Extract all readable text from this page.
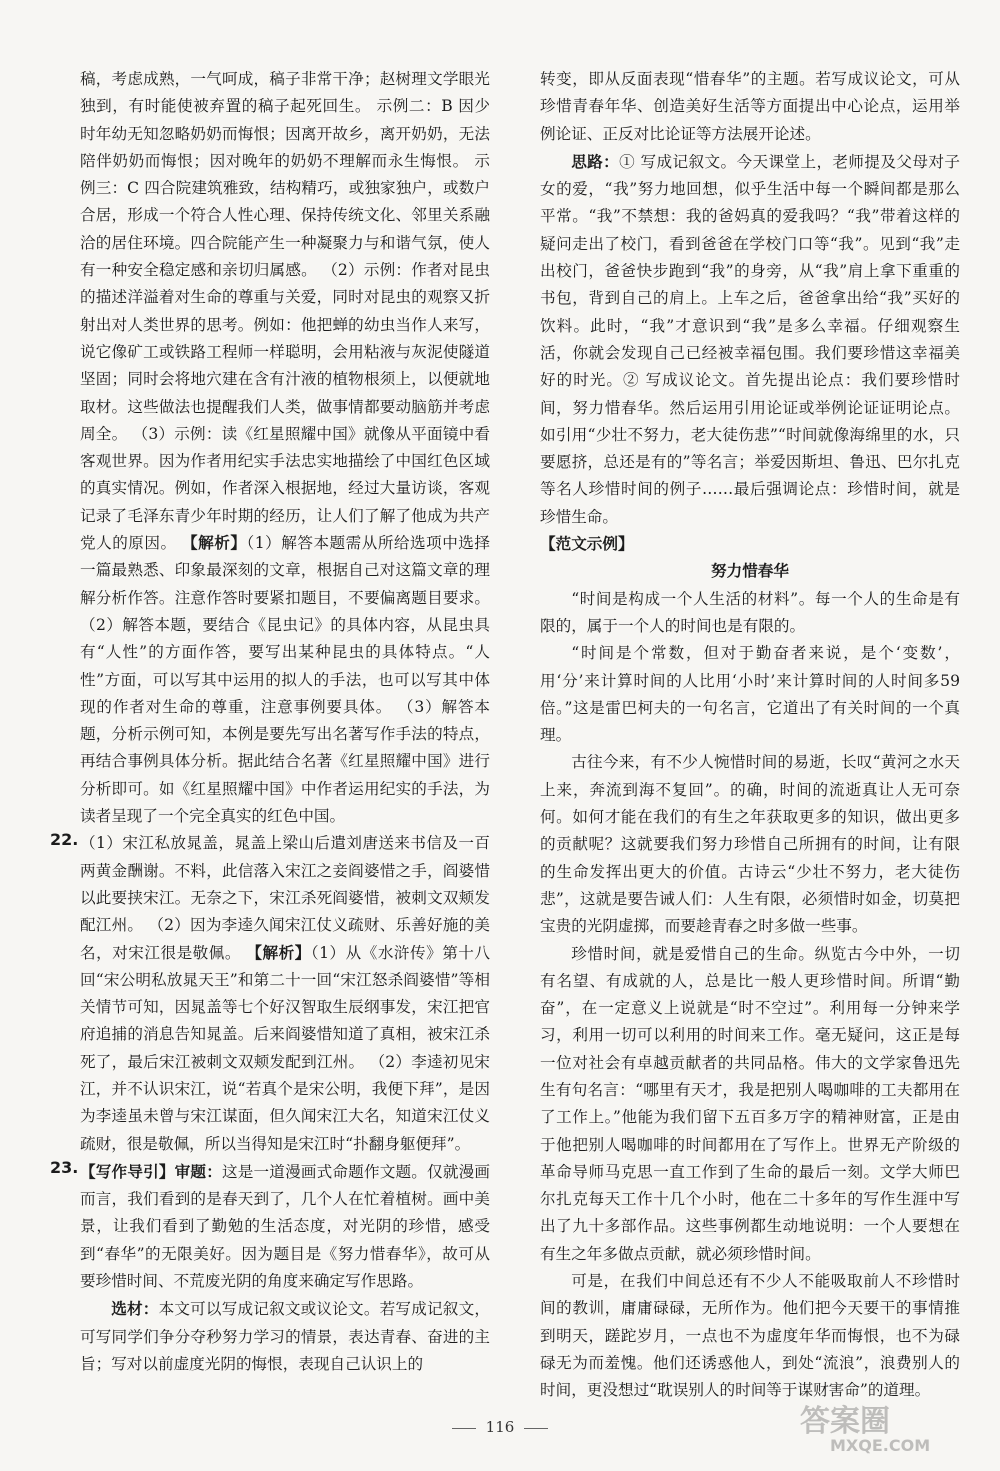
稿，考虑成熟，一气呵成，稿子非常干净；赵树理文学眼光独到，有时能使被弃置的稿子起死回生。 示例二：B 因少时年幼无知忽略奶奶而悔恨；因离开故乡，离开奶奶，无法陪伴奶奶而悔恨；因对晚年的奶奶不理解而永生悔恨。 示例三：C 四合院建筑雅致，结构精巧，或独家独户，或数户合居，形成一个符合人性心理、保持传统文化、邻里关系融洽的居住环境。四合院能产生一种凝聚力与和谐气氛，使人有一种安全稳定感和亲切归属感。 （2）示例：作者对昆虫的描述洋溢着对生命的尊重与关爱，同时对昆虫的观察又折射出对人类世界的思考。例如：他把蝉的幼虫当作人来写，说它像矿工或铁路工程师一样聪明，会用粘液与灰泥使隧道坚固；同时会将地穴建在含有汁液的植物根须上，以便就地取材。这些做法也提醒我们人类，做事情都要动脑筋并考虑周全。 （3）示例：读《红星照耀中国》就像从平面镜中看客观世界。因为作者用纪实手法忠实地描绘了中国红色区域的真实情况。例如，作者深入根据地，经过大量访谈，客观记录了毛泽东青少年时期的经历，让人们了解了他成为共产党人的原因。 【解析】（1）解答本题需从所给选项中选择一篇最熟悉、印象最深刻的文章，根据自己对这篇文章的理解分析作答。注意作答时要紧扣题目，不要偏离题目要求。 （2）解答本题，要结合《昆虫记》的具体内容，从昆虫具有“人性”的方面作答，要写出某种昆虫的具体特点。“人性”方面，可以写其中运用的拟人的手法，也可以写其中体现的作者对生命的尊重，注意事例要具体。 （3）解答本题，分析示例可知，本例是要先写出名著写作手法的特点，再结合事例具体分析。据此结合名著《红星照耀中国》进行分析即可。如《红星照耀中国》中作者运用纪实的手法，为读者呈现了一个完全真实的红色中国。

22. （1）宋江私放晁盖，晁盖上梁山后遣刘唐送来书信及一百两黄金酬谢。不料，此信落入宋江之妾阎婆惜之手，阎婆惜以此要挟宋江。无奈之下，宋江杀死阎婆惜，被刺文双颊发配江州。 （2）因为李逵久闻宋江仗义疏财、乐善好施的美名，对宋江很是敬佩。 【解析】（1）从《水浒传》第十八回“宋公明私放晁天王”和第二十一回“宋江怒杀阎婆惜”等相关情节可知，因晁盖等七个好汉智取生辰纲事发，宋江把官府追捕的消息告知晁盖。后来阎婆惜知道了真相，被宋江杀死了，最后宋江被刺文双颊发配到江州。 （2）李逵初见宋江，并不认识宋江，说“若真个是宋公明，我便下拜”，是因为李逵虽未曾与宋江谋面，但久闻宋江大名，知道宋江仗义疏财，很是敬佩，所以当得知是宋江时“扑翻身躯便拜”。

23. 【写作导引】审题：这是一道漫画式命题作文题。仅就漫画而言，我们看到的是春天到了，几个人在忙着植树。画中美景，让我们看到了勤勉的生活态度，对光阴的珍惜，感受到“春华”的无限美好。因为题目是《努力惜春华》，故可从要珍惜时间、不荒废光阴的角度来确定写作思路。

选材：本文可以写成记叙文或议论文。若写成记叙文，可写同学们争分夺秒努力学习的情景，表达青春、奋进的主旨；写对以前虚度光阴的悔恨，表现自己认识上的

转变，即从反面表现“惜春华”的主题。若写成议论文，可从珍惜青春年华、创造美好生活等方面提出中心论点，运用举例论证、正反对比论证等方法展开论述。

思路：① 写成记叙文。今天课堂上，老师提及父母对子女的爱，“我”努力地回想，似乎生活中每一个瞬间都是那么平常。“我”不禁想：我的爸妈真的爱我吗？“我”带着这样的疑问走出了校门，看到爸爸在学校门口等“我”。见到“我”走出校门，爸爸快步跑到“我”的身旁，从“我”肩上拿下重重的书包，背到自己的肩上。上车之后，爸爸拿出给“我”买好的饮料。此时，“我”才意识到“我”是多么幸福。仔细观察生活，你就会发现自己已经被幸福包围。我们要珍惜这幸福美好的时光。② 写成议论文。首先提出论点：我们要珍惜时间，努力惜春华。然后运用引用论证或举例论证证明论点。如引用“少壮不努力，老大徒伤悲”“时间就像海绵里的水，只要愿挤，总还是有的”等名言；举爱因斯坦、鲁迅、巴尔扎克等名人珍惜时间的例子……最后强调论点：珍惜时间，就是珍惜生命。

【范文示例】

努力惜春华

“时间是构成一个人生活的材料”。每一个人的生命是有限的，属于一个人的时间也是有限的。

“时间是个常数，但对于勤奋者来说，是个‘变数’，用‘分’来计算时间的人比用‘小时’来计算时间的人时间多59倍。”这是雷巴柯夫的一句名言，它道出了有关时间的一个真理。

古往今来，有不少人惋惜时间的易逝，长叹“黄河之水天上来，奔流到海不复回”。的确，时间的流逝真让人无可奈何。如何才能在我们的有生之年获取更多的知识，做出更多的贡献呢？这就要我们努力珍惜自己所拥有的时间，让有限的生命发挥出更大的价值。古诗云“少壮不努力，老大徒伤悲”，这就是要告诫人们：人生有限，必须惜时如金，切莫把宝贵的光阴虚掷，而要趁青春之时多做一些事。

珍惜时间，就是爱惜自己的生命。纵览古今中外，一切有名望、有成就的人，总是比一般人更珍惜时间。所谓“勤奋”，在一定意义上说就是“时不空过”。利用每一分钟来学习，利用一切可以利用的时间来工作。毫无疑问，这正是每一位对社会有卓越贡献者的共同品格。伟大的文学家鲁迅先生有句名言：“哪里有天才，我是把别人喝咖啡的工夫都用在了工作上。”他能为我们留下五百多万字的精神财富，正是由于他把别人喝咖啡的时间都用在了写作上。世界无产阶级的革命导师马克思一直工作到了生命的最后一刻。文学大师巴尔扎克每天工作十几个小时，他在二十多年的写作生涯中写出了九十多部作品。这些事例都生动地说明：一个人要想在有生之年多做点贡献，就必须珍惜时间。

可是，在我们中间总还有不少人不能吸取前人不珍惜时间的教训，庸庸碌碌，无所作为。他们把今天要干的事情推到明天，蹉跎岁月，一点也不为虚度年华而悔恨，也不为碌碌无为而羞愧。他们还诱惑他人，到处“流浪”，浪费别人的时间，更没想过“耽误别人的时间等于谋财害命”的道理。

116	答案圈
MXQE.COM
